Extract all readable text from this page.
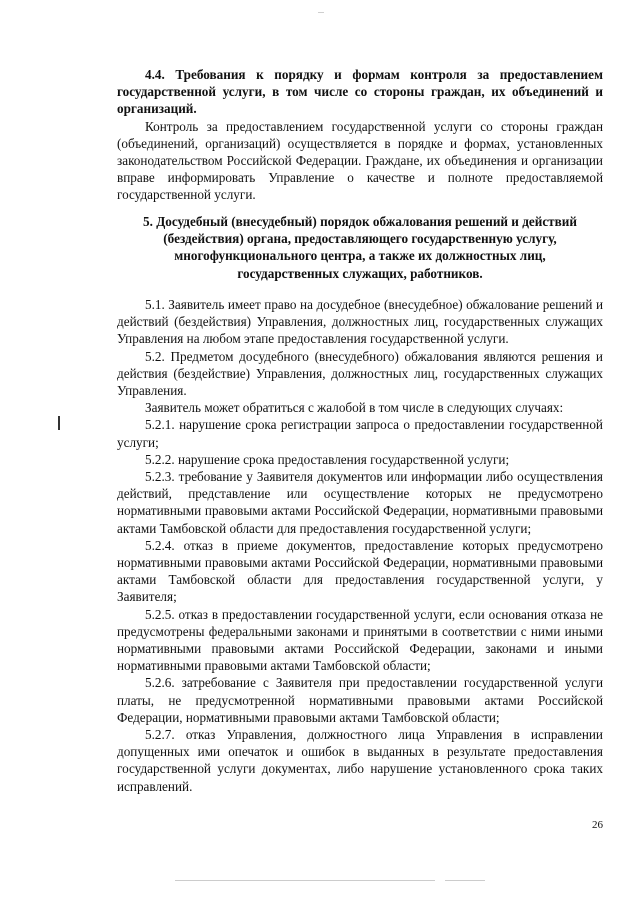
4.4. Требования к порядку и формам контроля за предоставлением государственной услуги, в том числе со стороны граждан, их объединений и организаций.

Контроль за предоставлением государственной услуги со стороны граждан (объединений, организаций) осуществляется в порядке и формах, установленных законодательством Российской Федерации. Граждане, их объединения и организации вправе информировать Управление о качестве и полноте предоставляемой государственной услуги.

5. Досудебный (внесудебный) порядок обжалования решений и действий

(бездействия) органа, предоставляющего государственную услугу,

многофункционального центра, а также их должностных лиц,

государственных служащих, работников.

5.1. Заявитель имеет право на досудебное (внесудебное) обжалование решений и действий (бездействия) Управления, должностных лиц, государственных служащих Управления на любом этапе предоставления государственной услуги.

5.2. Предметом досудебного (внесудебного) обжалования являются решения и действия (бездействие) Управления, должностных лиц, государственных служащих Управления.

Заявитель может обратиться с жалобой в том числе в следующих случаях:

5.2.1. нарушение срока регистрации запроса о предоставлении государственной услуги;

5.2.2. нарушение срока предоставления государственной услуги;

5.2.3. требование у Заявителя документов или информации либо осуществления действий, представление или осуществление которых не предусмотрено нормативными правовыми актами Российской Федерации, нормативными правовыми актами Тамбовской области для предоставления государственной услуги;

5.2.4. отказ в приеме документов, предоставление которых предусмотрено нормативными правовыми актами Российской Федерации, нормативными правовыми актами Тамбовской области для предоставления государственной услуги, у Заявителя;

5.2.5. отказ в предоставлении государственной услуги, если основания отказа не предусмотрены федеральными законами и принятыми в соответствии с ними иными нормативными правовыми актами Российской Федерации, законами и иными нормативными правовыми актами Тамбовской области;

5.2.6. затребование с Заявителя при предоставлении государственной услуги платы, не предусмотренной нормативными правовыми актами Российской Федерации, нормативными правовыми актами Тамбовской области;

5.2.7. отказ Управления, должностного лица Управления в исправлении допущенных ими опечаток и ошибок в выданных в результате предоставления государственной услуги документах, либо нарушение установленного срока таких исправлений.

26
